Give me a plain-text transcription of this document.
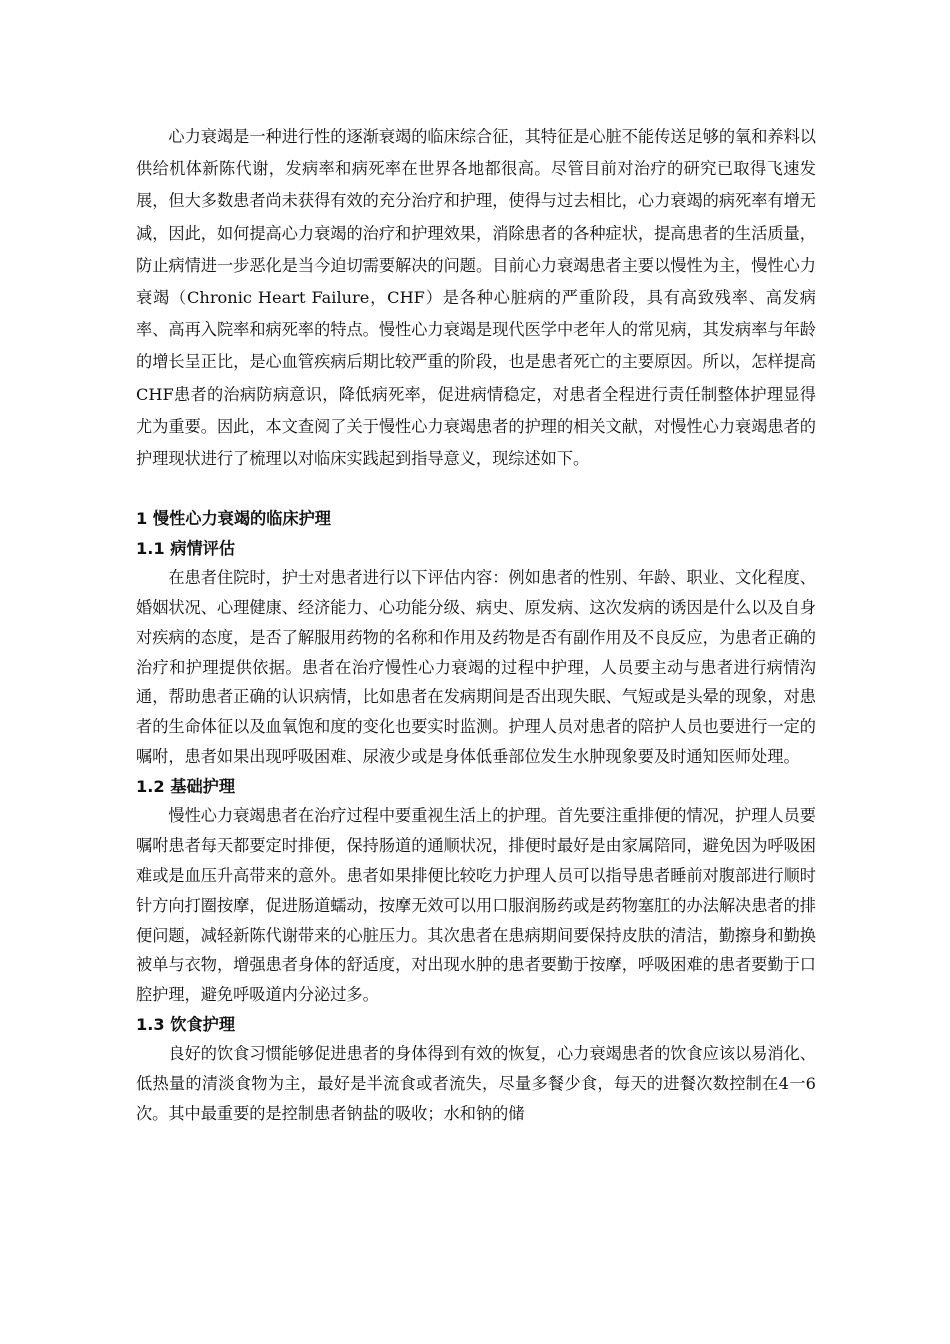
心力衰竭是一种进行性的逐渐衰竭的临床综合征，其特征是心脏不能传送足够的氧和养料以供给机体新陈代谢，发病率和病死率在世界各地都很高。尽管目前对治疗的研究已取得飞速发展，但大多数患者尚未获得有效的充分治疗和护理，使得与过去相比，心力衰竭的病死率有增无减，因此，如何提高心力衰竭的治疗和护理效果，消除患者的各种症状，提高患者的生活质量，防止病情进一步恶化是当今迫切需要解决的问题。目前心力衰竭患者主要以慢性为主，慢性心力衰竭（Chronic Heart Failure，CHF）是各种心脏病的严重阶段，具有高致残率、高发病率、高再入院率和病死率的特点。慢性心力衰竭是现代医学中老年人的常见病，其发病率与年龄的增长呈正比，是心血管疾病后期比较严重的阶段，也是患者死亡的主要原因。所以，怎样提高CHF患者的治病防病意识，降低病死率，促进病情稳定，对患者全程进行责任制整体护理显得尤为重要。因此，本文查阅了关于慢性心力衰竭患者的护理的相关文献，对慢性心力衰竭患者的护理现状进行了梳理以对临床实践起到指导意义，现综述如下。

1 慢性心力衰竭的临床护理
1.1 病情评估

在患者住院时，护士对患者进行以下评估内容：例如患者的性别、年龄、职业、文化程度、婚姻状况、心理健康、经济能力、心功能分级、病史、原发病、这次发病的诱因是什么以及自身对疾病的态度，是否了解服用药物的名称和作用及药物是否有副作用及不良反应，为患者正确的治疗和护理提供依据。患者在治疗慢性心力衰竭的过程中护理，人员要主动与患者进行病情沟通，帮助患者正确的认识病情，比如患者在发病期间是否出现失眠、气短或是头晕的现象，对患者的生命体征以及血氧饱和度的变化也要实时监测。护理人员对患者的陪护人员也要进行一定的嘱咐，患者如果出现呼吸困难、尿液少或是身体低垂部位发生水肿现象要及时通知医师处理。

1.2 基础护理

慢性心力衰竭患者在治疗过程中要重视生活上的护理。首先要注重排便的情况，护理人员要嘱咐患者每天都要定时排便，保持肠道的通顺状况，排便时最好是由家属陪同，避免因为呼吸困难或是血压升高带来的意外。患者如果排便比较吃力护理人员可以指导患者睡前对腹部进行顺时针方向打圈按摩，促进肠道蠕动，按摩无效可以用口服润肠药或是药物塞肛的办法解决患者的排便问题，减轻新陈代谢带来的心脏压力。其次患者在患病期间要保持皮肤的清洁，勤擦身和勤换被单与衣物，增强患者身体的舒适度，对出现水肿的患者要勤于按摩，呼吸困难的患者要勤于口腔护理，避免呼吸道内分泌过多。

1.3 饮食护理

良好的饮食习惯能够促进患者的身体得到有效的恢复，心力衰竭患者的饮食应该以易消化、低热量的清淡食物为主，最好是半流食或者流失，尽量多餐少食，每天的进餐次数控制在4一6次。其中最重要的是控制患者钠盐的吸收；水和钠的储
